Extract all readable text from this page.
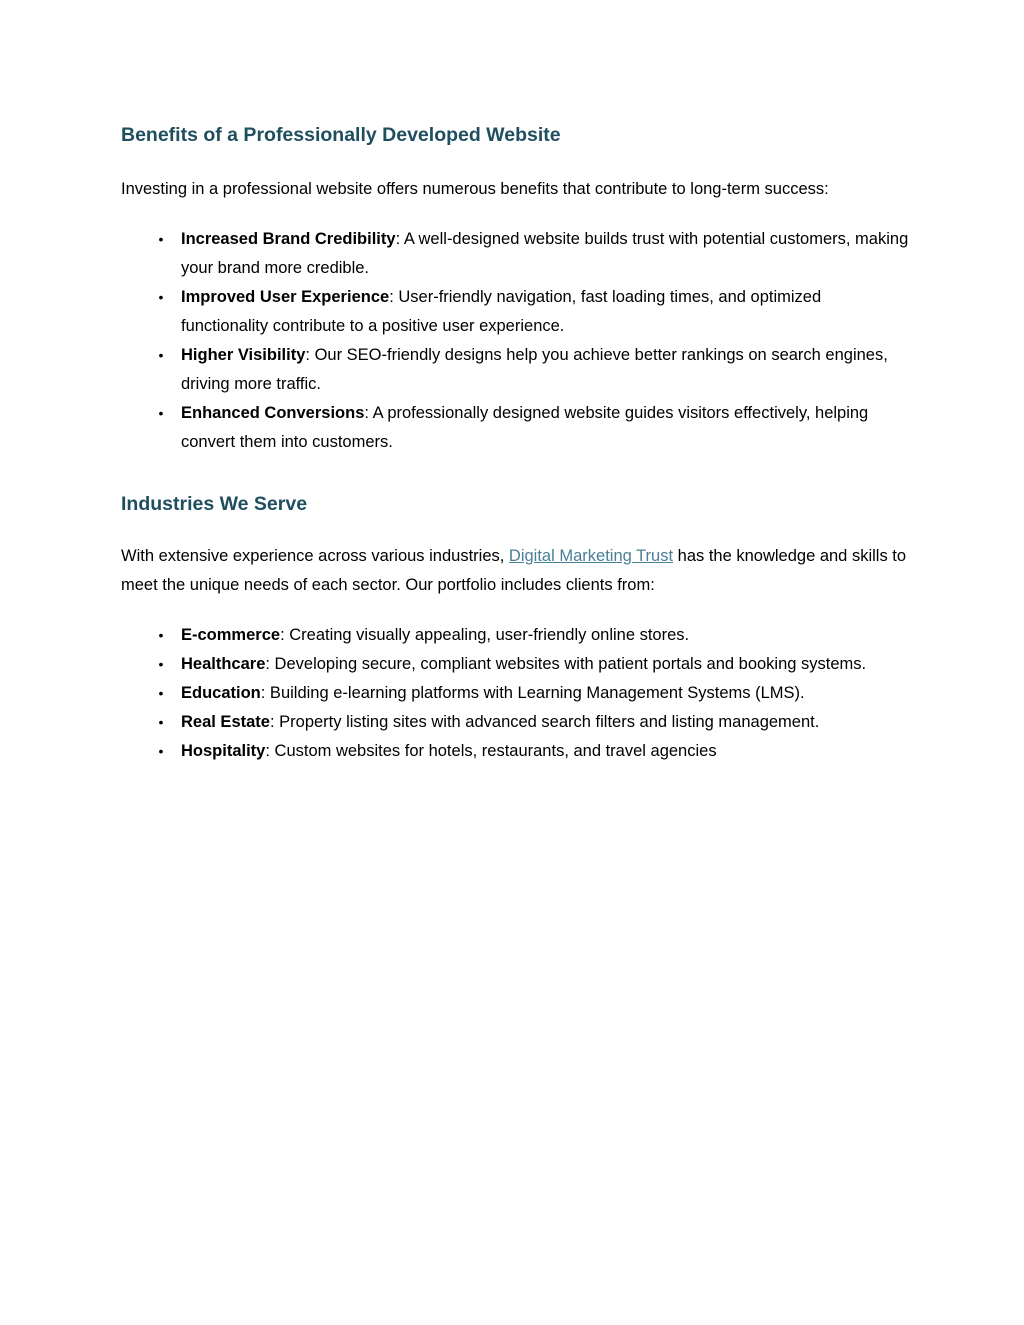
Benefits of a Professionally Developed Website

Investing in a professional website offers numerous benefits that contribute to long-term success:

•	Increased Brand Credibility: A well-designed website builds trust with potential customers, making your brand more credible.
•	Improved User Experience: User-friendly navigation, fast loading times, and optimized functionality contribute to a positive user experience.
•	Higher Visibility: Our SEO-friendly designs help you achieve better rankings on search engines, driving more traffic.
•	Enhanced Conversions: A professionally designed website guides visitors effectively, helping convert them into customers.
Industries We Serve

With extensive experience across various industries, Digital Marketing Trust has the knowledge and skills to meet the unique needs of each sector. Our portfolio includes clients from:

•	E-commerce: Creating visually appealing, user-friendly online stores.
•	Healthcare: Developing secure, compliant websites with patient portals and booking systems.
•	Education: Building e-learning platforms with Learning Management Systems (LMS).
•	Real Estate: Property listing sites with advanced search filters and listing management.
•	Hospitality: Custom websites for hotels, restaurants, and travel agencies
